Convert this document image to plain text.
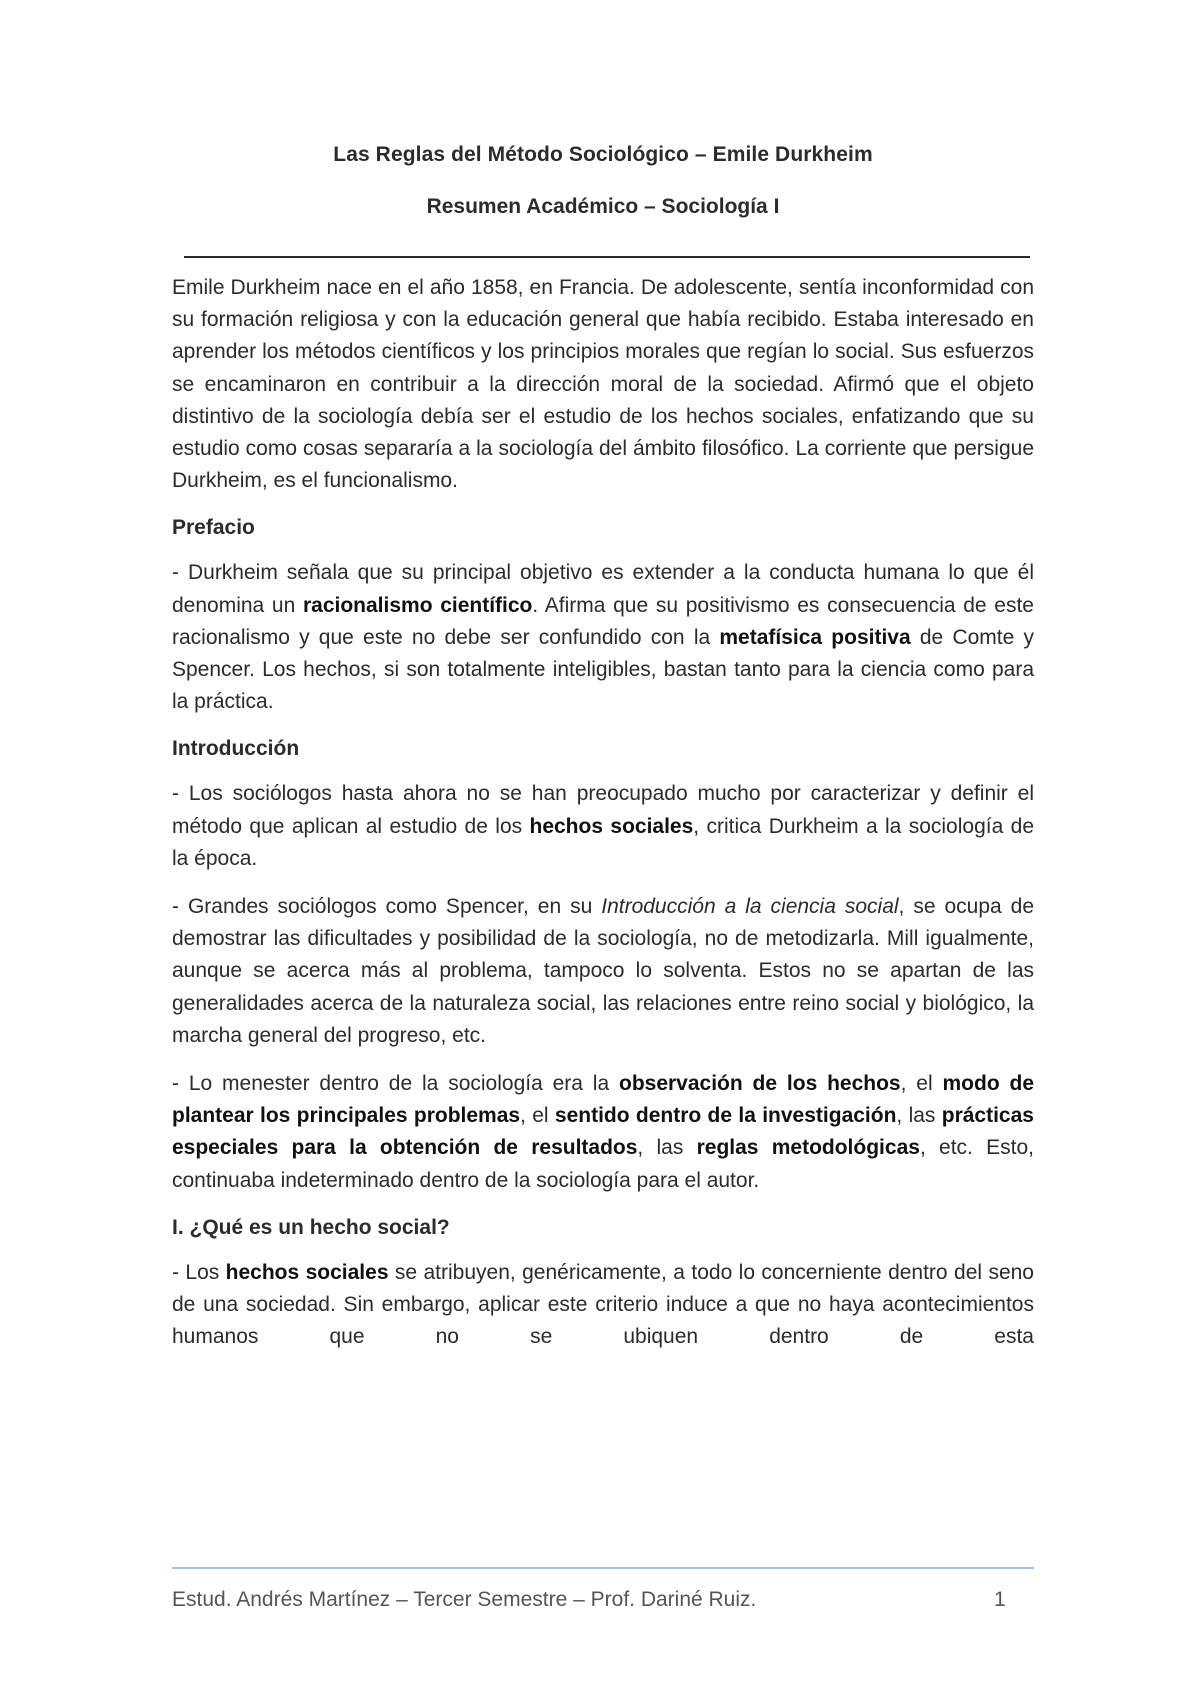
Las Reglas del Método Sociológico – Emile Durkheim
Resumen Académico – Sociología I

Emile Durkheim nace en el año 1858, en Francia. De adolescente, sentía inconformidad con su formación religiosa y con la educación general que había recibido. Estaba interesado en aprender los métodos científicos y los principios morales que regían lo social. Sus esfuerzos se encaminaron en contribuir a la dirección moral de la sociedad. Afirmó que el objeto distintivo de la sociología debía ser el estudio de los hechos sociales, enfatizando que su estudio como cosas separaría a la sociología del ámbito filosófico. La corriente que persigue Durkheim, es el funcionalismo.

Prefacio

- Durkheim señala que su principal objetivo es extender a la conducta humana lo que él denomina un racionalismo científico. Afirma que su positivismo es consecuencia de este racionalismo y que este no debe ser confundido con la metafísica positiva de Comte y Spencer. Los hechos, si son totalmente inteligibles, bastan tanto para la ciencia como para la práctica.

Introducción

- Los sociólogos hasta ahora no se han preocupado mucho por caracterizar y definir el método que aplican al estudio de los hechos sociales, critica Durkheim a la sociología de la época.

- Grandes sociólogos como Spencer, en su Introducción a la ciencia social, se ocupa de demostrar las dificultades y posibilidad de la sociología, no de metodizarla. Mill igualmente, aunque se acerca más al problema, tampoco lo solventa. Estos no se apartan de las generalidades acerca de la naturaleza social, las relaciones entre reino social y biológico, la marcha general del progreso, etc.

- Lo menester dentro de la sociología era la observación de los hechos, el modo de plantear los principales problemas, el sentido dentro de la investigación, las prácticas especiales para la obtención de resultados, las reglas metodológicas, etc. Esto, continuaba indeterminado dentro de la sociología para el autor.

I. ¿Qué es un hecho social?

- Los hechos sociales se atribuyen, genéricamente, a todo lo concerniente dentro del seno de una sociedad. Sin embargo, aplicar este criterio induce a que no haya acontecimientos humanos que no se ubiquen dentro de esta

Estud. Andrés Martínez – Tercer Semestre – Prof. Dariné Ruiz.	1
